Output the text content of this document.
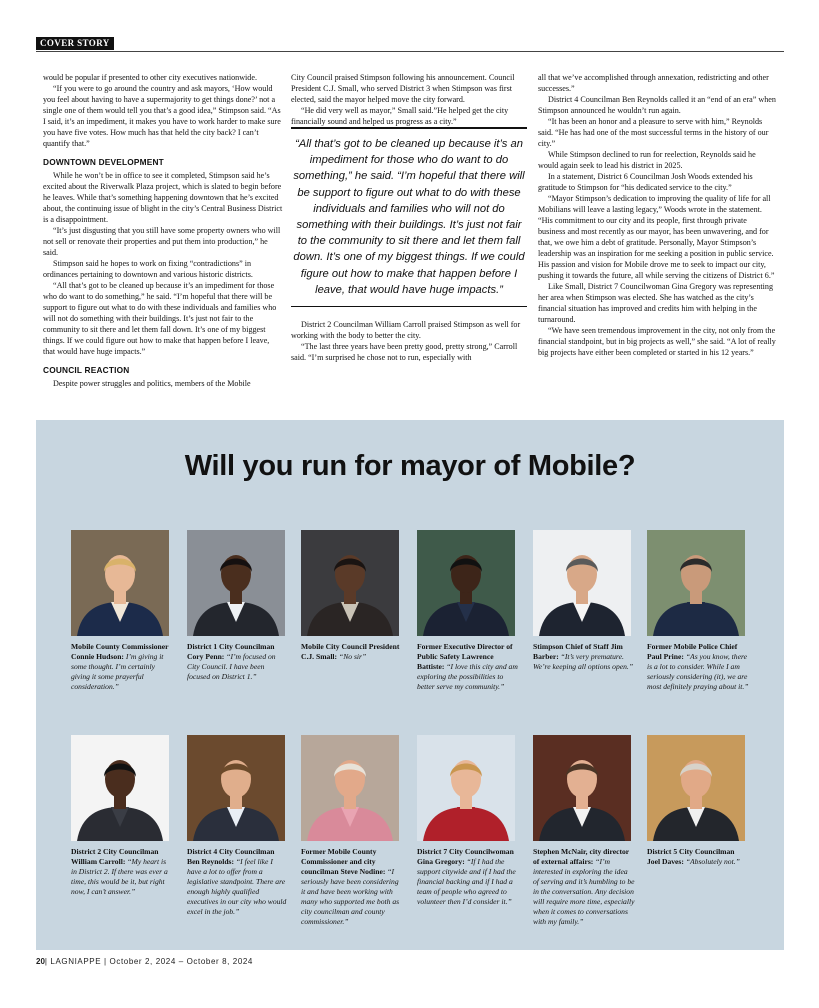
COVER STORY

would be popular if presented to other city executives nationwide.

“If you were to go around the country and ask mayors, ‘How would you feel about having to have a supermajority to get things done?’ not a single one of them would tell you that’s a good idea,” Stimpson said. “As I said, it’s an impediment, it makes you have to work harder to make sure you have five votes. How much has that held the city back? I can’t quantify that.”

DOWNTOWN DEVELOPMENT

While he won’t be in office to see it completed, Stimpson said he’s excited about the Riverwalk Plaza project, which is slated to begin before he leaves. While that’s something happening downtown that he’s excited about, the continuing issue of blight in the city’s Central Business District is a disappointment.

“It’s just disgusting that you still have some property owners who will not sell or renovate their properties and put them into production,” he said.

Stimpson said he hopes to work on fixing “contradictions” in ordinances pertaining to downtown and various historic districts.

“All that’s got to be cleaned up because it’s an impediment for those who do want to do something,” he said. “I’m hopeful that there will be support to figure out what to do with these individuals and families who will not do something with their buildings. It’s just not fair to the community to sit there and let them fall down. It’s one of my biggest things. If we could figure out how to make that happen before I leave, that would have huge impacts.”

COUNCIL REACTION

Despite power struggles and politics, members of the Mobile

City Council praised Stimpson following his announcement. Council President C.J. Small, who served District 3 when Stimpson was first elected, said the mayor helped move the city forward.

“He did very well as mayor,” Small said.”He helped get the city financially sound and helped us progress as a city.”

“All that’s got to be cleaned up because it’s an impediment for those who do want to do something,” he said. “I’m hopeful that there will be support to figure out what to do with these individuals and families who will not do something with their buildings. It’s just not fair to the community to sit there and let them fall down. It’s one of my biggest things. If we could figure out how to make that happen before I leave, that would have huge impacts.”

District 2 Councilman William Carroll praised Stimpson as well for working with the body to better the city.

“The last three years have been pretty good, pretty strong,” Carroll said. “I’m surprised he chose not to run, especially with

all that we’ve accomplished through annexation, redistricting and other successes.”

District 4 Councilman Ben Reynolds called it an “end of an era” when Stimpson announced he wouldn’t run again.

“It has been an honor and a pleasure to serve with him,” Reynolds said. “He has had one of the most successful terms in the history of our city.”

While Stimpson declined to run for reelection, Reynolds said he would again seek to lead his district in 2025.

In a statement, District 6 Councilman Josh Woods extended his gratitude to Stimpson for “his dedicated service to the city.”

“Mayor Stimpson’s dedication to improving the quality of life for all Mobilians will leave a lasting legacy,” Woods wrote in the statement. “His commitment to our city and its people, first through private business and most recently as our mayor, has been unwavering, and for that, we owe him a debt of gratitude. Personally, Mayor Stimpson’s leadership was an inspiration for me seeking a position in public service. His passion and vision for Mobile drove me to seek to impact our city, pushing it towards the future, all while serving the citizens of District 6.”

Like Small, District 7 Councilwoman Gina Gregory was representing her area when Stimpson was elected. She has watched as the city’s financial situation has improved and credits him with helping in the turnaround.

“We have seen tremendous improvement in the city, not only from the financial standpoint, but in big projects as well,” she said. “A lot of really big projects have either been completed or started in his 12 years.”

Will you run for mayor of Mobile?
Mobile County Commissioner Connie Hudson: I’m giving it some thought. I’m certainly giving it some prayerful consideration.”
District 1 City Councilman Cory Penn: “I’m focused on City Council. I have been focused on District 1.”
Mobile City Council President C.J. Small: “No sir”
Former Executive Director of Public Safety Lawrence Battiste: “I love this city and am exploring the possibilities to better serve my community.”
Stimpson Chief of Staff Jim Barber: “It’s very premature. We’re keeping all options open.”
Former Mobile Police Chief Paul Prine: “As you know, there is a lot to consider. While I am seriously considering (it), we are most definitely praying about it.”
District 2 City Councilman William Carroll: “My heart is in District 2. If there was ever a time, this would be it, but right now, I can’t answer.”
District 4 City Councilman Ben Reynolds: “I feel like I have a lot to offer from a legislative standpoint. There are enough highly qualified executives in our city who would excel in the job.”
Former Mobile County Commissioner and city councilman Steve Nodine: “I seriously have been considering it and have been working with many who supported me both as city councilman and county commissioner.”
District 7 City Councilwoman Gina Gregory: “If I had the support citywide and if I had the financial backing and if I had a team of people who agreed to volunteer then I’d consider it.”
Stephen McNair, city director of external affairs: “I’m interested in exploring the idea of serving and it’s humbling to be in the conversation. Any decision will require more time, especially when it comes to conversations with my family.”
District 5 City Councilman Joel Daves: “Absolutely not.”
20| LAGNIAPPE | October 2, 2024 – October 8, 2024
